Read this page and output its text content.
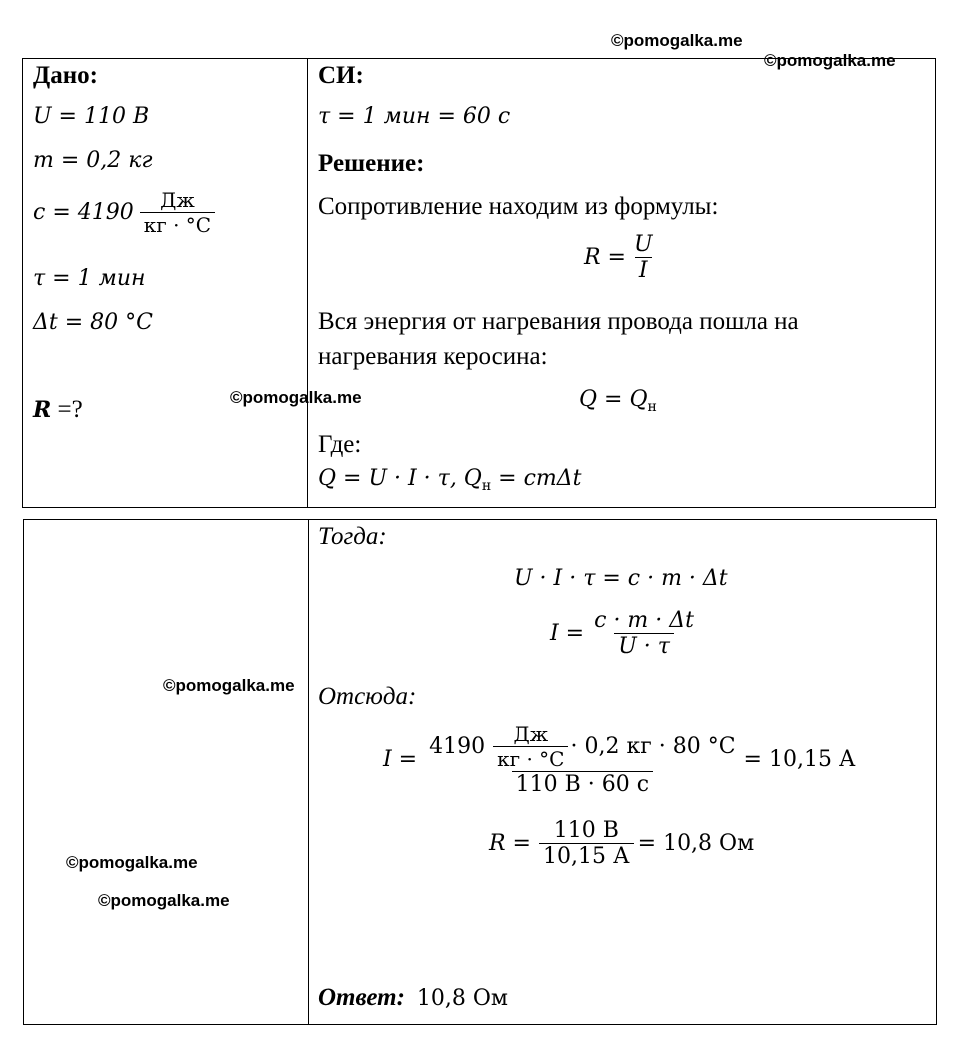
©pomogalka.me
©pomogalka.me
©pomogalka.me
©pomogalka.me
©pomogalka.me
©pomogalka.me
Дано:
U = 110 В
m = 0,2 кг
$c = 4190 \frac{Дж}{кг \cdot ^\circ C}$
τ = 1 мин
Δt = 80 °C
R =?
СИ:
τ = 1 мин = 60 с
Решение:
Сопротивление находим из формулы:
$R = \frac{U}{I}$
Вся энергия от нагревания провода пошла на
нагревания керосина:
$Q = Q_н$
Где:
Q = U · I · τ, $Q_н = cm\Delta t$
Тогда:
U · I · τ = c · m · Δt
$I = \frac{c \cdot m \cdot \Delta t}{U \cdot \tau}$
Отсюда:
I =
$4190 \frac{Дж}{кг \cdot ^\circ C} \cdot 0,2$ кг · 80 °C
110 В · 60 с
= 10,15 А
$R = \frac{110 В}{10,15 А} = 10,8$ Ом
Ответ: 10,8 Ом
